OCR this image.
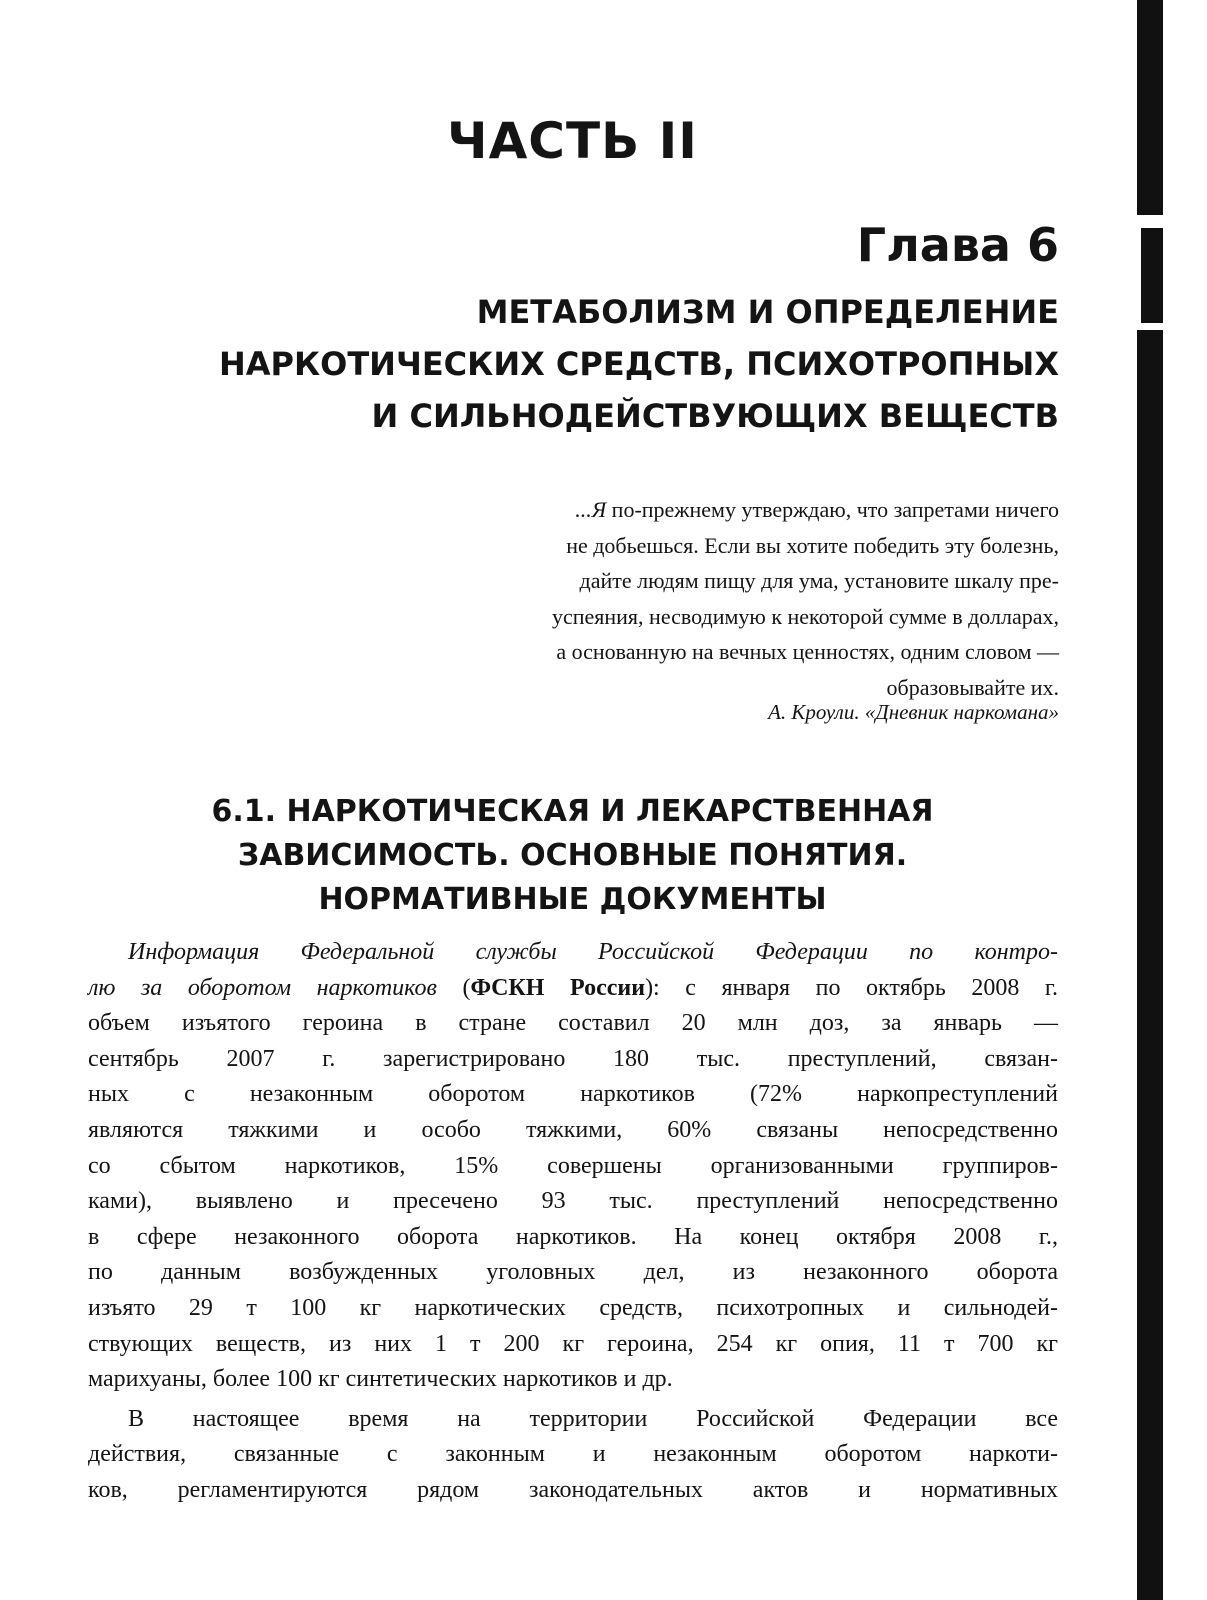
ЧАСТЬ II
Глава 6
МЕТАБОЛИЗМ И ОПРЕДЕЛЕНИЕ
НАРКОТИЧЕСКИХ СРЕДСТВ, ПСИХОТРОПНЫХ
И СИЛЬНОДЕЙСТВУЮЩИХ ВЕЩЕСТВ
...Я по-прежнему утверждаю, что запретами ничего
не добьешься. Если вы хотите победить эту болезнь,
дайте людям пищу для ума, установите шкалу пре-
успеяния, несводимую к некоторой сумме в долларах,
а основанную на вечных ценностях, одним словом —
образовывайте их.
А. Кроули. «Дневник наркомана»
6.1. НАРКОТИЧЕСКАЯ И ЛЕКАРСТВЕННАЯ
ЗАВИСИМОСТЬ. ОСНОВНЫЕ ПОНЯТИЯ.
НОРМАТИВНЫЕ ДОКУМЕНТЫ
Информация Федеральной службы Российской Федерации по контро-
лю за оборотом наркотиков (ФСКН России): с января по октябрь 2008 г.
объем изъятого героина в стране составил 20 млн доз, за январь —
сентябрь 2007 г. зарегистрировано 180 тыс. преступлений, связан-
ных с незаконным оборотом наркотиков (72% наркопреступлений
являются тяжкими и особо тяжкими, 60% связаны непосредственно
со сбытом наркотиков, 15% совершены организованными группиров-
ками), выявлено и пресечено 93 тыс. преступлений непосредственно
в сфере незаконного оборота наркотиков. На конец октября 2008 г.,
по данным возбужденных уголовных дел, из незаконного оборота
изъято 29 т 100 кг наркотических средств, психотропных и сильнодей-
ствующих веществ, из них 1 т 200 кг героина, 254 кг опия, 11 т 700 кг
марихуаны, более 100 кг синтетических наркотиков и др.
В настоящее время на территории Российской Федерации все
действия, связанные с законным и незаконным оборотом наркоти-
ков, регламентируются рядом законодательных актов и нормативных
